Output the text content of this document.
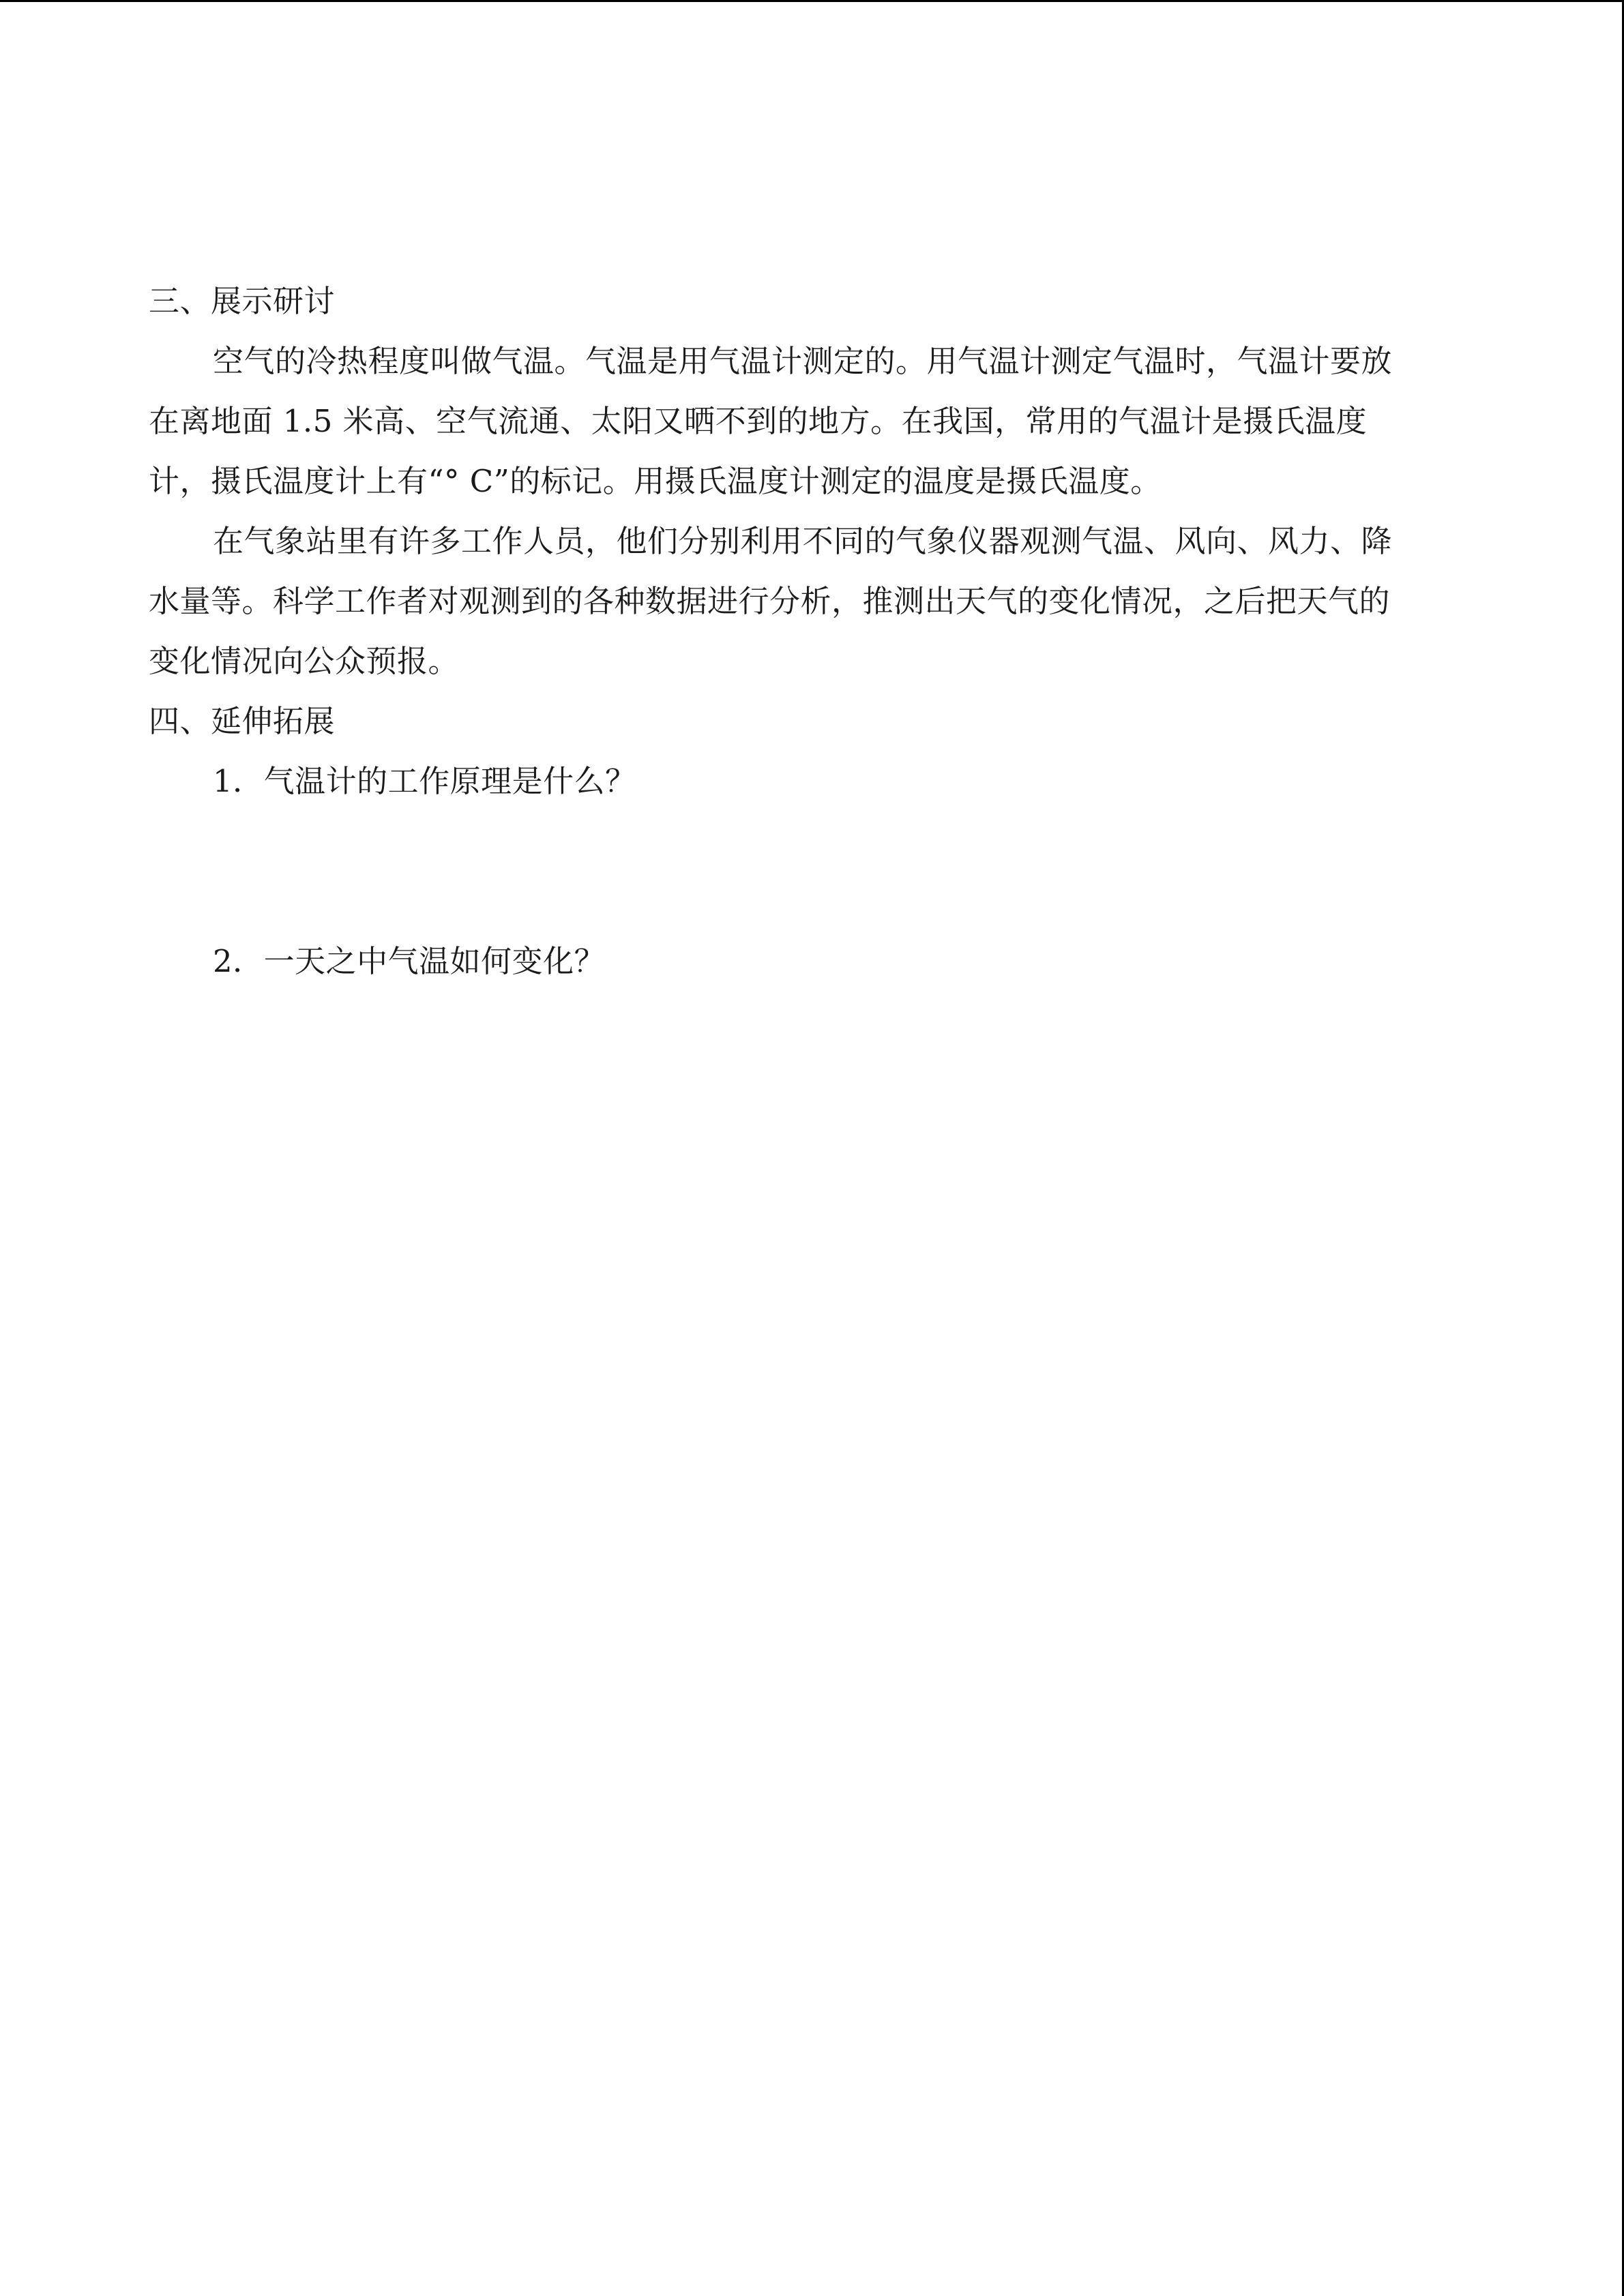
三、展示研讨
空气的冷热程度叫做气温。气温是用气温计测定的。用气温计测定气温时，气温计要放
在离地面 1.5 米高、空气流通、太阳又晒不到的地方。在我国，常用的气温计是摄氏温度
计，摄氏温度计上有“° C”的标记。用摄氏温度计测定的温度是摄氏温度。
在气象站里有许多工作人员，他们分别利用不同的气象仪器观测气温、风向、风力、降
水量等。科学工作者对观测到的各种数据进行分析，推测出天气的变化情况，之后把天气的
变化情况向公众预报。
四、延伸拓展
1．气温计的工作原理是什么？
2．一天之中气温如何变化？
